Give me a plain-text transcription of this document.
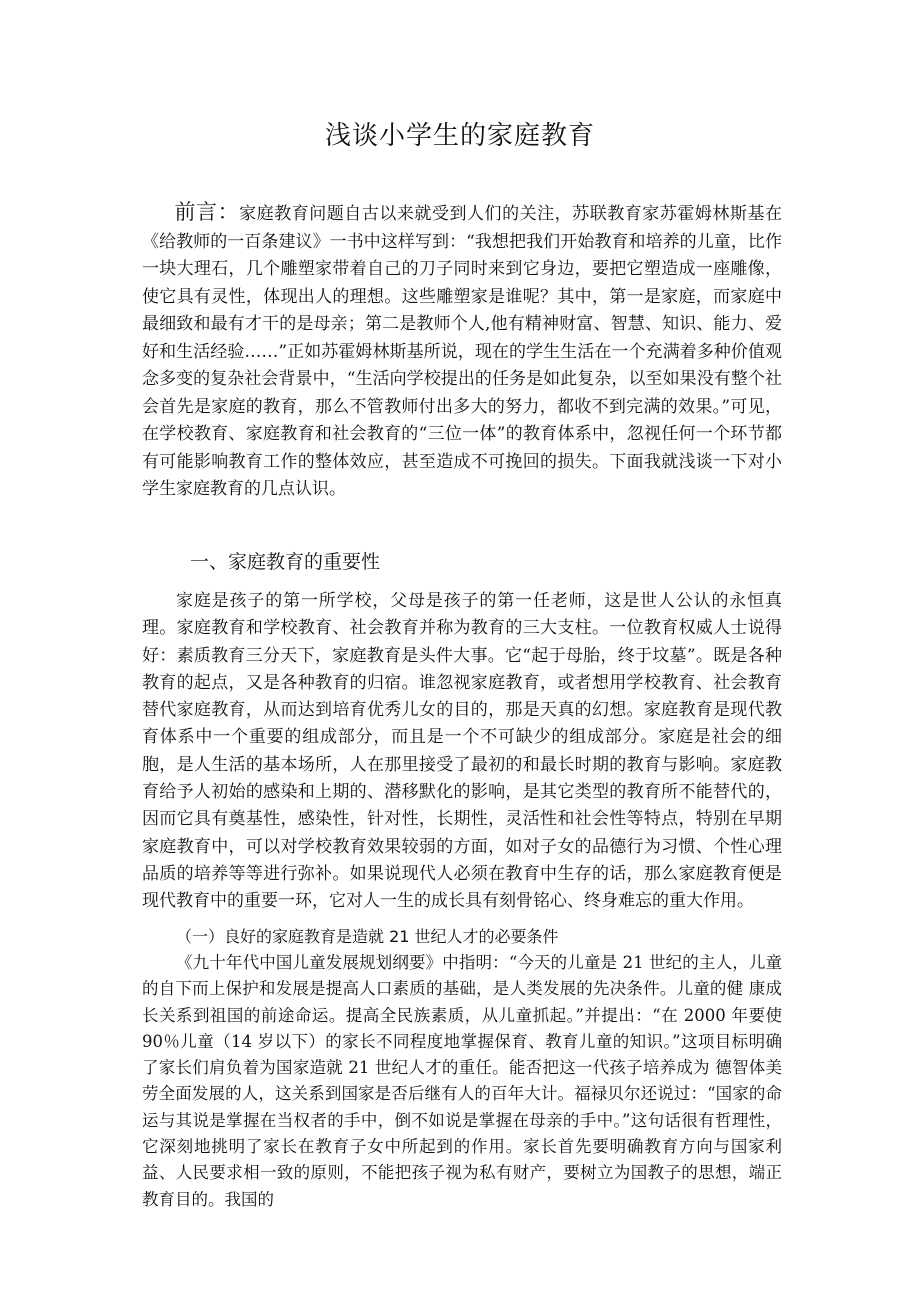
浅谈小学生的家庭教育
前言：家庭教育问题自古以来就受到人们的关注，苏联教育家苏霍姆林斯基在《给教师的一百条建议》一书中这样写到：“我想把我们开始教育和培养的儿童，比作一块大理石，几个雕塑家带着自己的刀子同时来到它身边，要把它塑造成一座雕像，使它具有灵性，体现出人的理想。这些雕塑家是谁呢？其中，第一是家庭，而家庭中最细致和最有才干的是母亲；第二是教师个人,他有精神财富、智慧、知识、能力、爱好和生活经验……”正如苏霍姆林斯基所说，现在的学生生活在一个充满着多种价值观念多变的复杂社会背景中，“生活向学校提出的任务是如此复杂，以至如果没有整个社会首先是家庭的教育，那么不管教师付出多大的努力，都收不到完满的效果。”可见，在学校教育、家庭教育和社会教育的“三位一体”的教育体系中，忽视任何一个环节都有可能影响教育工作的整体效应，甚至造成不可挽回的损失。下面我就浅谈一下对小学生家庭教育的几点认识。
一、家庭教育的重要性
家庭是孩子的第一所学校，父母是孩子的第一任老师，这是世人公认的永恒真理。家庭教育和学校教育、社会教育并称为教育的三大支柱。一位教育权威人士说得好：素质教育三分天下，家庭教育是头件大事。它“起于母胎，终于坟墓”。既是各种教育的起点，又是各种教育的归宿。谁忽视家庭教育，或者想用学校教育、社会教育替代家庭教育，从而达到培育优秀儿女的目的，那是天真的幻想。家庭教育是现代教育体系中一个重要的组成部分，而且是一个不可缺少的组成部分。家庭是社会的细胞，是人生活的基本场所，人在那里接受了最初的和最长时期的教育与影响。家庭教育给予人初始的感染和上期的、潜移默化的影响，是其它类型的教育所不能替代的，因而它具有奠基性，感染性，针对性，长期性，灵活性和社会性等特点，特别在早期家庭教育中，可以对学校教育效果较弱的方面，如对子女的品德行为习惯、个性心理品质的培养等等进行弥补。如果说现代人必须在教育中生存的话，那么家庭教育便是现代教育中的重要一环，它对人一生的成长具有刻骨铭心、终身难忘的重大作用。
（一）良好的家庭教育是造就 21 世纪人才的必要条件
《九十年代中国儿童发展规划纲要》中指明：“今天的儿童是 21 世纪的主人，儿童的自下而上保护和发展是提高人口素质的基础，是人类发展的先决条件。儿童的健 康成长关系到祖国的前途命运。提高全民族素质，从儿童抓起。”并提出：“在 2000 年要使 90％儿童（14 岁以下）的家长不同程度地掌握保育、教育儿童的知识。”这项目标明确了家长们肩负着为国家造就 21 世纪人才的重任。能否把这一代孩子培养成为 德智体美劳全面发展的人，这关系到国家是否后继有人的百年大计。福禄贝尔还说过：“国家的命运与其说是掌握在当权者的手中，倒不如说是掌握在母亲的手中。”这句话很有哲理性，它深刻地挑明了家长在教育子女中所起到的作用。家长首先要明确教育方向与国家利益、人民要求相一致的原则，不能把孩子视为私有财产，要树立为国教子的思想，端正教育目的。我国的
